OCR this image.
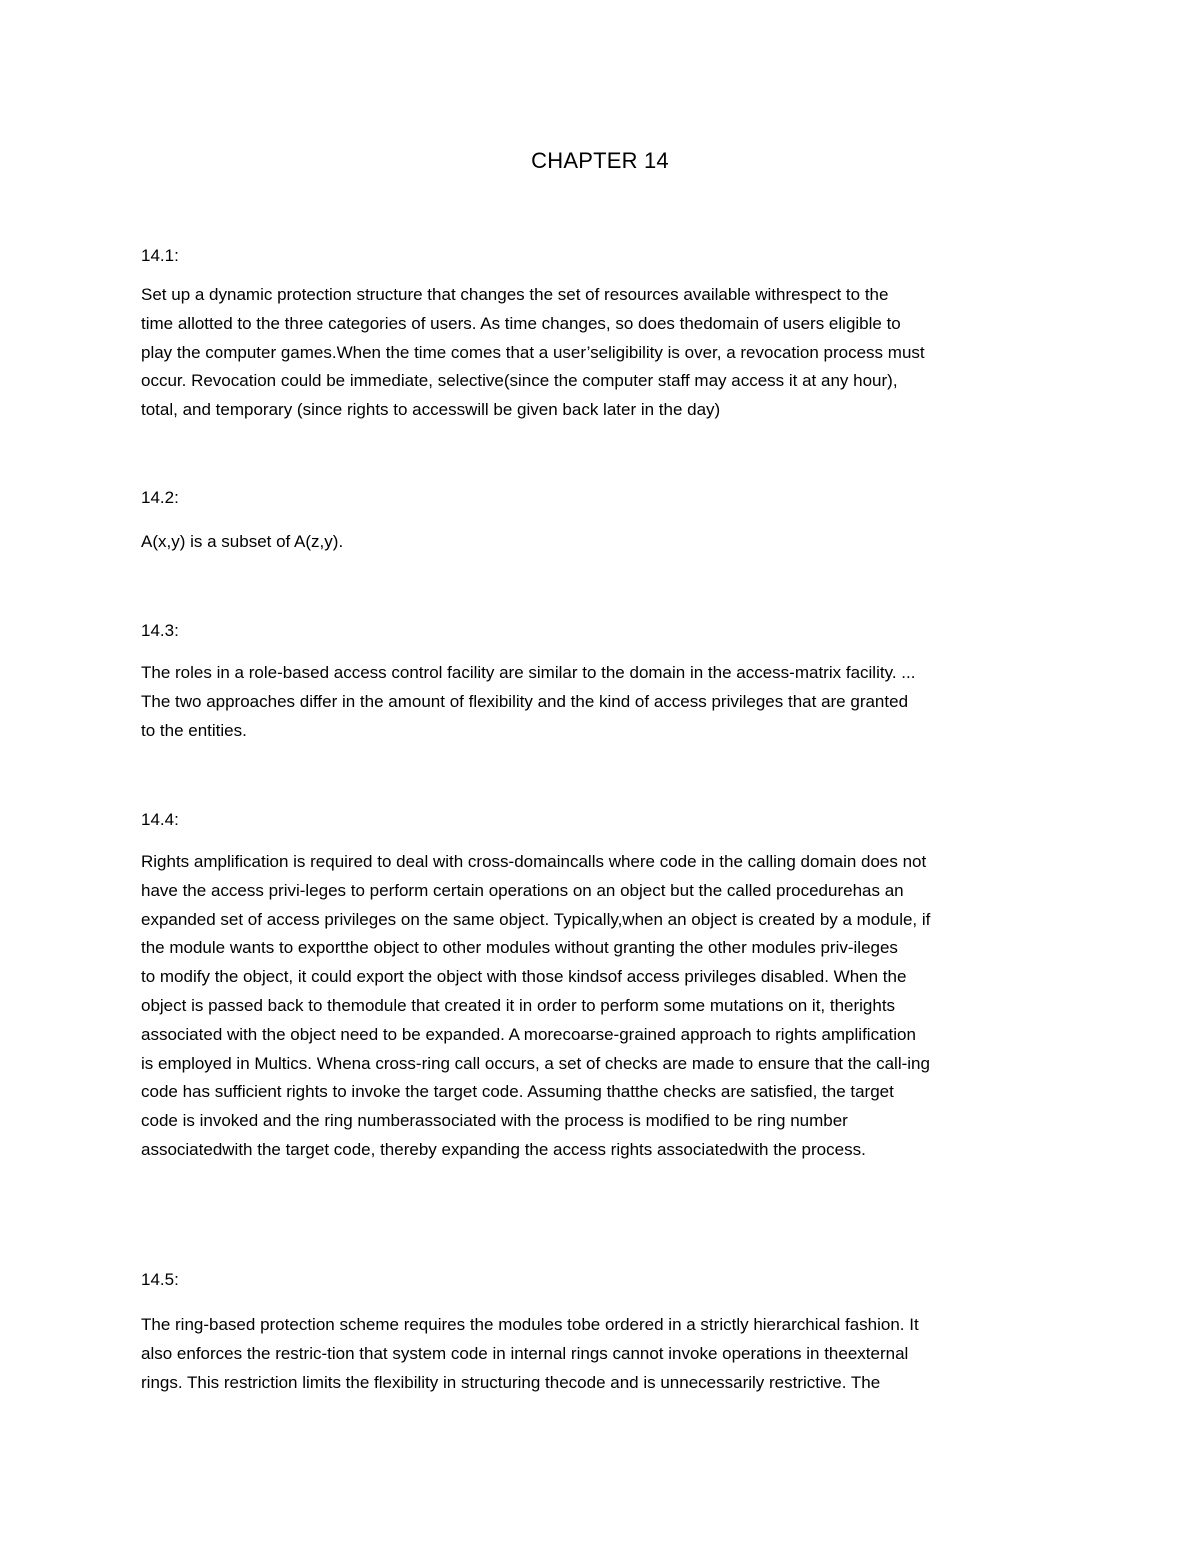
CHAPTER 14
14.1:
Set up a dynamic protection structure that changes the set of resources available withrespect to the
time allotted to the three categories of users. As time changes, so does thedomain of users eligible to
play the computer games.When the time comes that a user’seligibility is over, a revocation process must
occur. Revocation could be immediate, selective(since the computer staff may access it at any hour),
total, and temporary (since rights to accesswill be given back later in the day)
14.2:
A(x,y) is a subset of A(z,y).
14.3:
The roles in a role-based access control facility are similar to the domain in the access-matrix facility. ...
The two approaches differ in the amount of flexibility and the kind of access privileges that are granted
to the entities.
14.4:
Rights amplification is required to deal with cross-domaincalls where code in the calling domain does not
have the access privi-leges to perform certain operations on an object but the called procedurehas an
expanded set of access privileges on the same object. Typically,when an object is created by a module, if
the module wants to exportthe object to other modules without granting the other modules priv-ileges
to modify the object, it could export the object with those kindsof access privileges disabled. When the
object is passed back to themodule that created it in order to perform some mutations on it, therights
associated with the object need to be expanded. A morecoarse-grained approach to rights amplification
is employed in Multics. Whena cross-ring call occurs, a set of checks are made to ensure that the call-ing
code has sufficient rights to invoke the target code. Assuming thatthe checks are satisfied, the target
code is invoked and the ring numberassociated with the process is modified to be ring number
associatedwith the target code, thereby expanding the access rights associatedwith the process.
14.5:
The ring-based protection scheme requires the modules tobe ordered in a strictly hierarchical fashion. It
also enforces the restric-tion that system code in internal rings cannot invoke operations in theexternal
rings. This restriction limits the flexibility in structuring thecode and is unnecessarily restrictive. The
